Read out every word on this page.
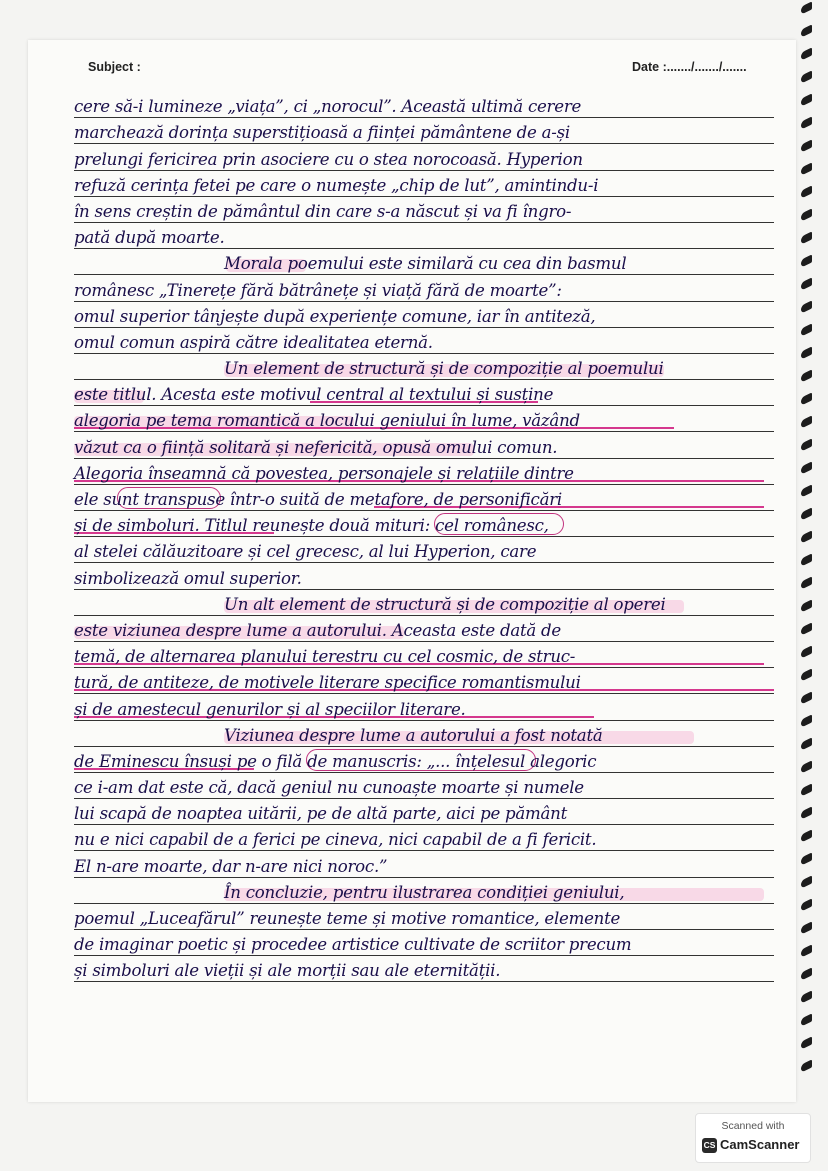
Subject :	Date :......./......./.......
cere să-i lumineze „viața”, ci „norocul”. Această ultimă cerere
marchează dorința superstițioasă a ființei pământene de a-și
prelungi fericirea prin asociere cu o stea norocoasă. Hyperion
refuză cerința fetei pe care o numește „chip de lut”, amintindu-i
în sens creștin de pământul din care s-a născut și va fi îngro-
pată după moarte.
Morala poemului este similară cu cea din basmul
românesc „Tinerețe fără bătrânețe și viață fără de moarte”:
omul superior tânjește după experiențe comune, iar în antiteză,
omul comun aspiră către idealitatea eternă.
Un element de structură și de compoziție al poemului
este titlul. Acesta este motivul central al textului și susține
alegoria pe tema romantică a locului geniului în lume, văzând
văzut ca o ființă solitară și nefericită, opusă omului comun.
Alegoria înseamnă că povestea, personajele și relațiile dintre
ele sunt transpuse într-o suită de metafore, de personificări
și de simboluri. Titlul reunește două mituri: cel românesc,
al stelei călăuzitoare și cel grecesc, al lui Hyperion, care
simbolizează omul superior.
Un alt element de structură și de compoziție al operei
este viziunea despre lume a autorului. Aceasta este dată de
temă, de alternarea planului terestru cu cel cosmic, de struc-
tură, de antiteze, de motivele literare specifice romantismului
și de amestecul genurilor și al speciilor literare.
Viziunea despre lume a autorului a fost notată
de Eminescu însuși pe o filă de manuscris: „... înțelesul alegoric
ce i-am dat este că, dacă geniul nu cunoaște moarte și numele
lui scapă de noaptea uitării, pe de altă parte, aici pe pământ
nu e nici capabil de a ferici pe cineva, nici capabil de a fi fericit.
El n-are moarte, dar n-are nici noroc.”
În concluzie, pentru ilustrarea condiției geniului,
poemul „Luceafărul” reunește teme și motive romantice, elemente
de imaginar poetic și procedee artistice cultivate de scriitor precum
și simboluri ale vieții și ale morții sau ale eternității.
Scanned with
CS CamScanner
